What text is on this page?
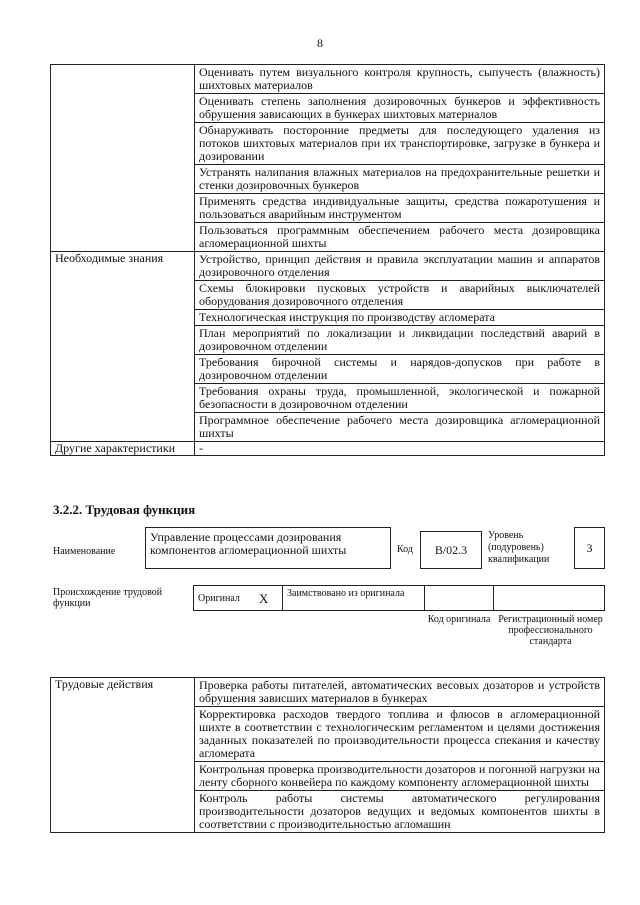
8
	Оценивать путем визуального контроля крупность, сыпучесть (влажность) шихтовых материалов
	Оценивать степень заполнения дозировочных бункеров и эффективность обрушения зависающих в бункерах шихтовых материалов
	Обнаруживать посторонние предметы для последующего удаления из потоков шихтовых материалов при их транспортировке, загрузке в бункера и дозировании
	Устранять налипания влажных материалов на предохранительные решетки и стенки дозировочных бункеров
	Применять средства индивидуальные защиты, средства пожаротушения и пользоваться аварийным инструментом
	Пользоваться программным обеспечением рабочего места дозировщика агломерационной шихты
Необходимые знания	Устройство, принцип действия и правила эксплуатации машин и аппаратов дозировочного отделения
	Схемы блокировки пусковых устройств и аварийных выключателей оборудования дозировочного отделения
	Технологическая инструкция по производству агломерата
	План мероприятий по локализации и ликвидации последствий аварий в дозировочном отделении
	Требования бирочной системы и нарядов-допусков при работе в дозировочном отделении
	Требования охраны труда, промышленной, экологической и пожарной безопасности в дозировочном отделении
	Программное обеспечение рабочего места дозировщика агломерационной шихты
Другие характеристики	-
3.2.2. Трудовая функция
Наименование
Управление процессами дозирования компонентов агломерационной шихты	Код	В/02.3
Уровень (подуровень) квалификации
3
Происхождение трудовой функции	Оригинал	X	Заимствовано из оригинала		
Код оригинала Регистрационный номер профессионального стандарта
Трудовые действия	Проверка работы питателей, автоматических весовых дозаторов и устройств обрушения зависших материалов в бункерах
Корректировка расходов твердого топлива и флюсов в агломерационной шихте в соответствии с технологическим регламентом и целями достижения заданных показателей по производительности процесса спекания и качеству агломерата
Контрольная проверка производительности дозаторов и погонной нагрузки на ленту сборного конвейера по каждому компоненту агломерационной шихты
Контроль работы системы автоматического регулирования производительности дозаторов ведущих и ведомых компонентов шихты в соответствии с производительностью агломашин
